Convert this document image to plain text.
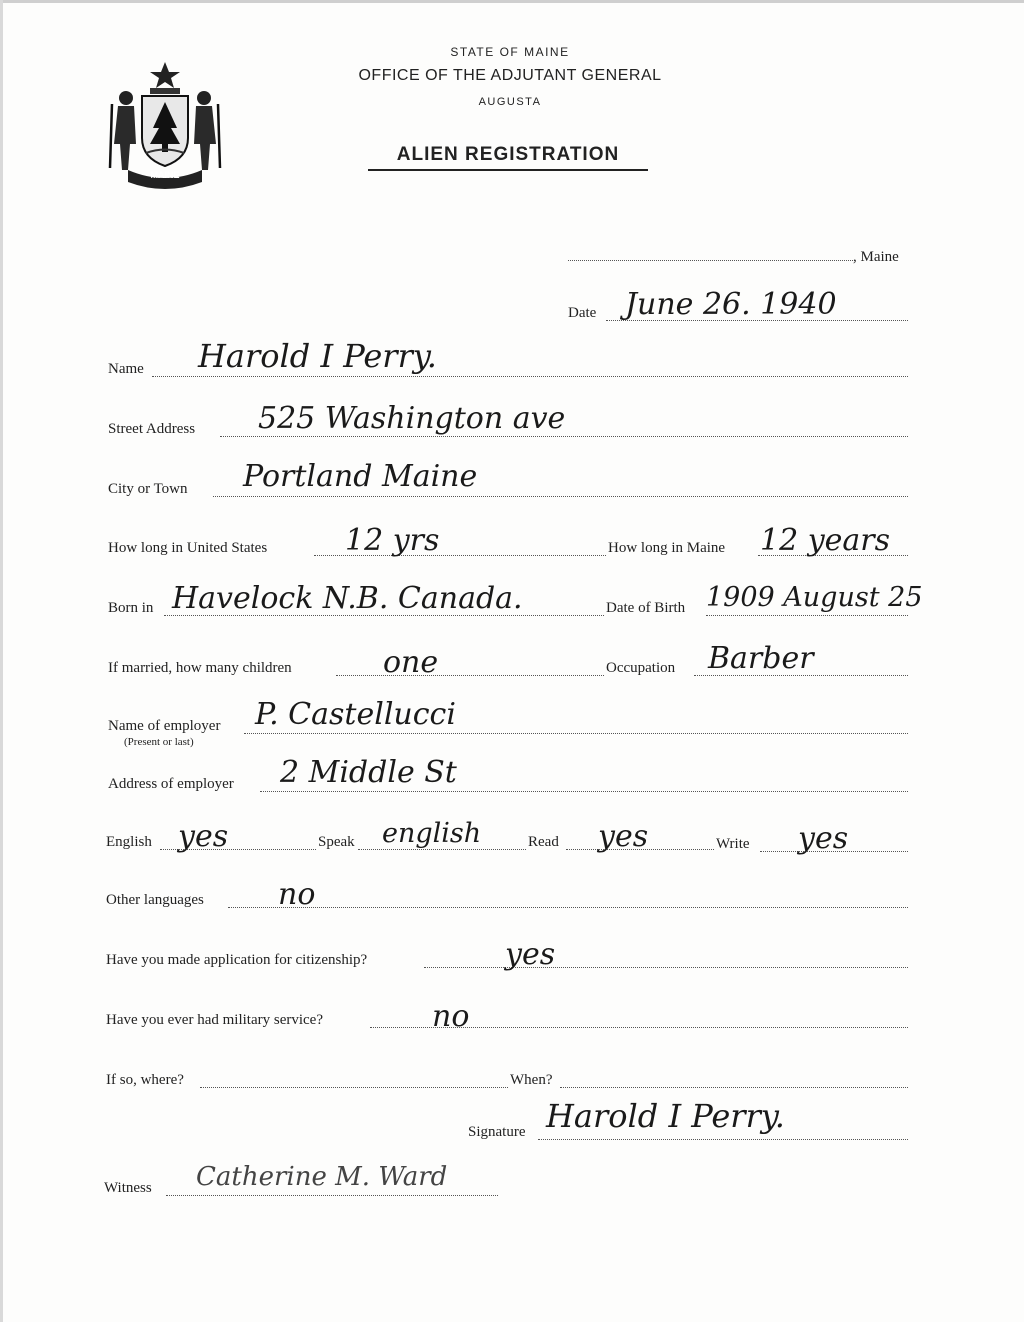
MAINE
STATE OF MAINE
OFFICE OF THE ADJUTANT GENERAL
AUGUSTA
ALIEN REGISTRATION
, Maine
Date June 26. 1940
Name Harold I Perry.
Street Address 525 Washington ave
City or Town Portland Maine
How long in United States	12 yrs	How long in Maine 12 years
Born in Havelock N.B. Canada.	Date of Birth 1909 August 25
If married, how many children	one	Occupation Barber
Name of employer
(Present or last)
P. Castellucci
Address of employer 2 Middle St
English yes	Speak english	Read yes	Write yes
Other languages no
Have you made application for citizenship?	yes
Have you ever had military service?	no
If so, where?	When?
Signature Harold I Perry.
Witness Catherine M. Ward
